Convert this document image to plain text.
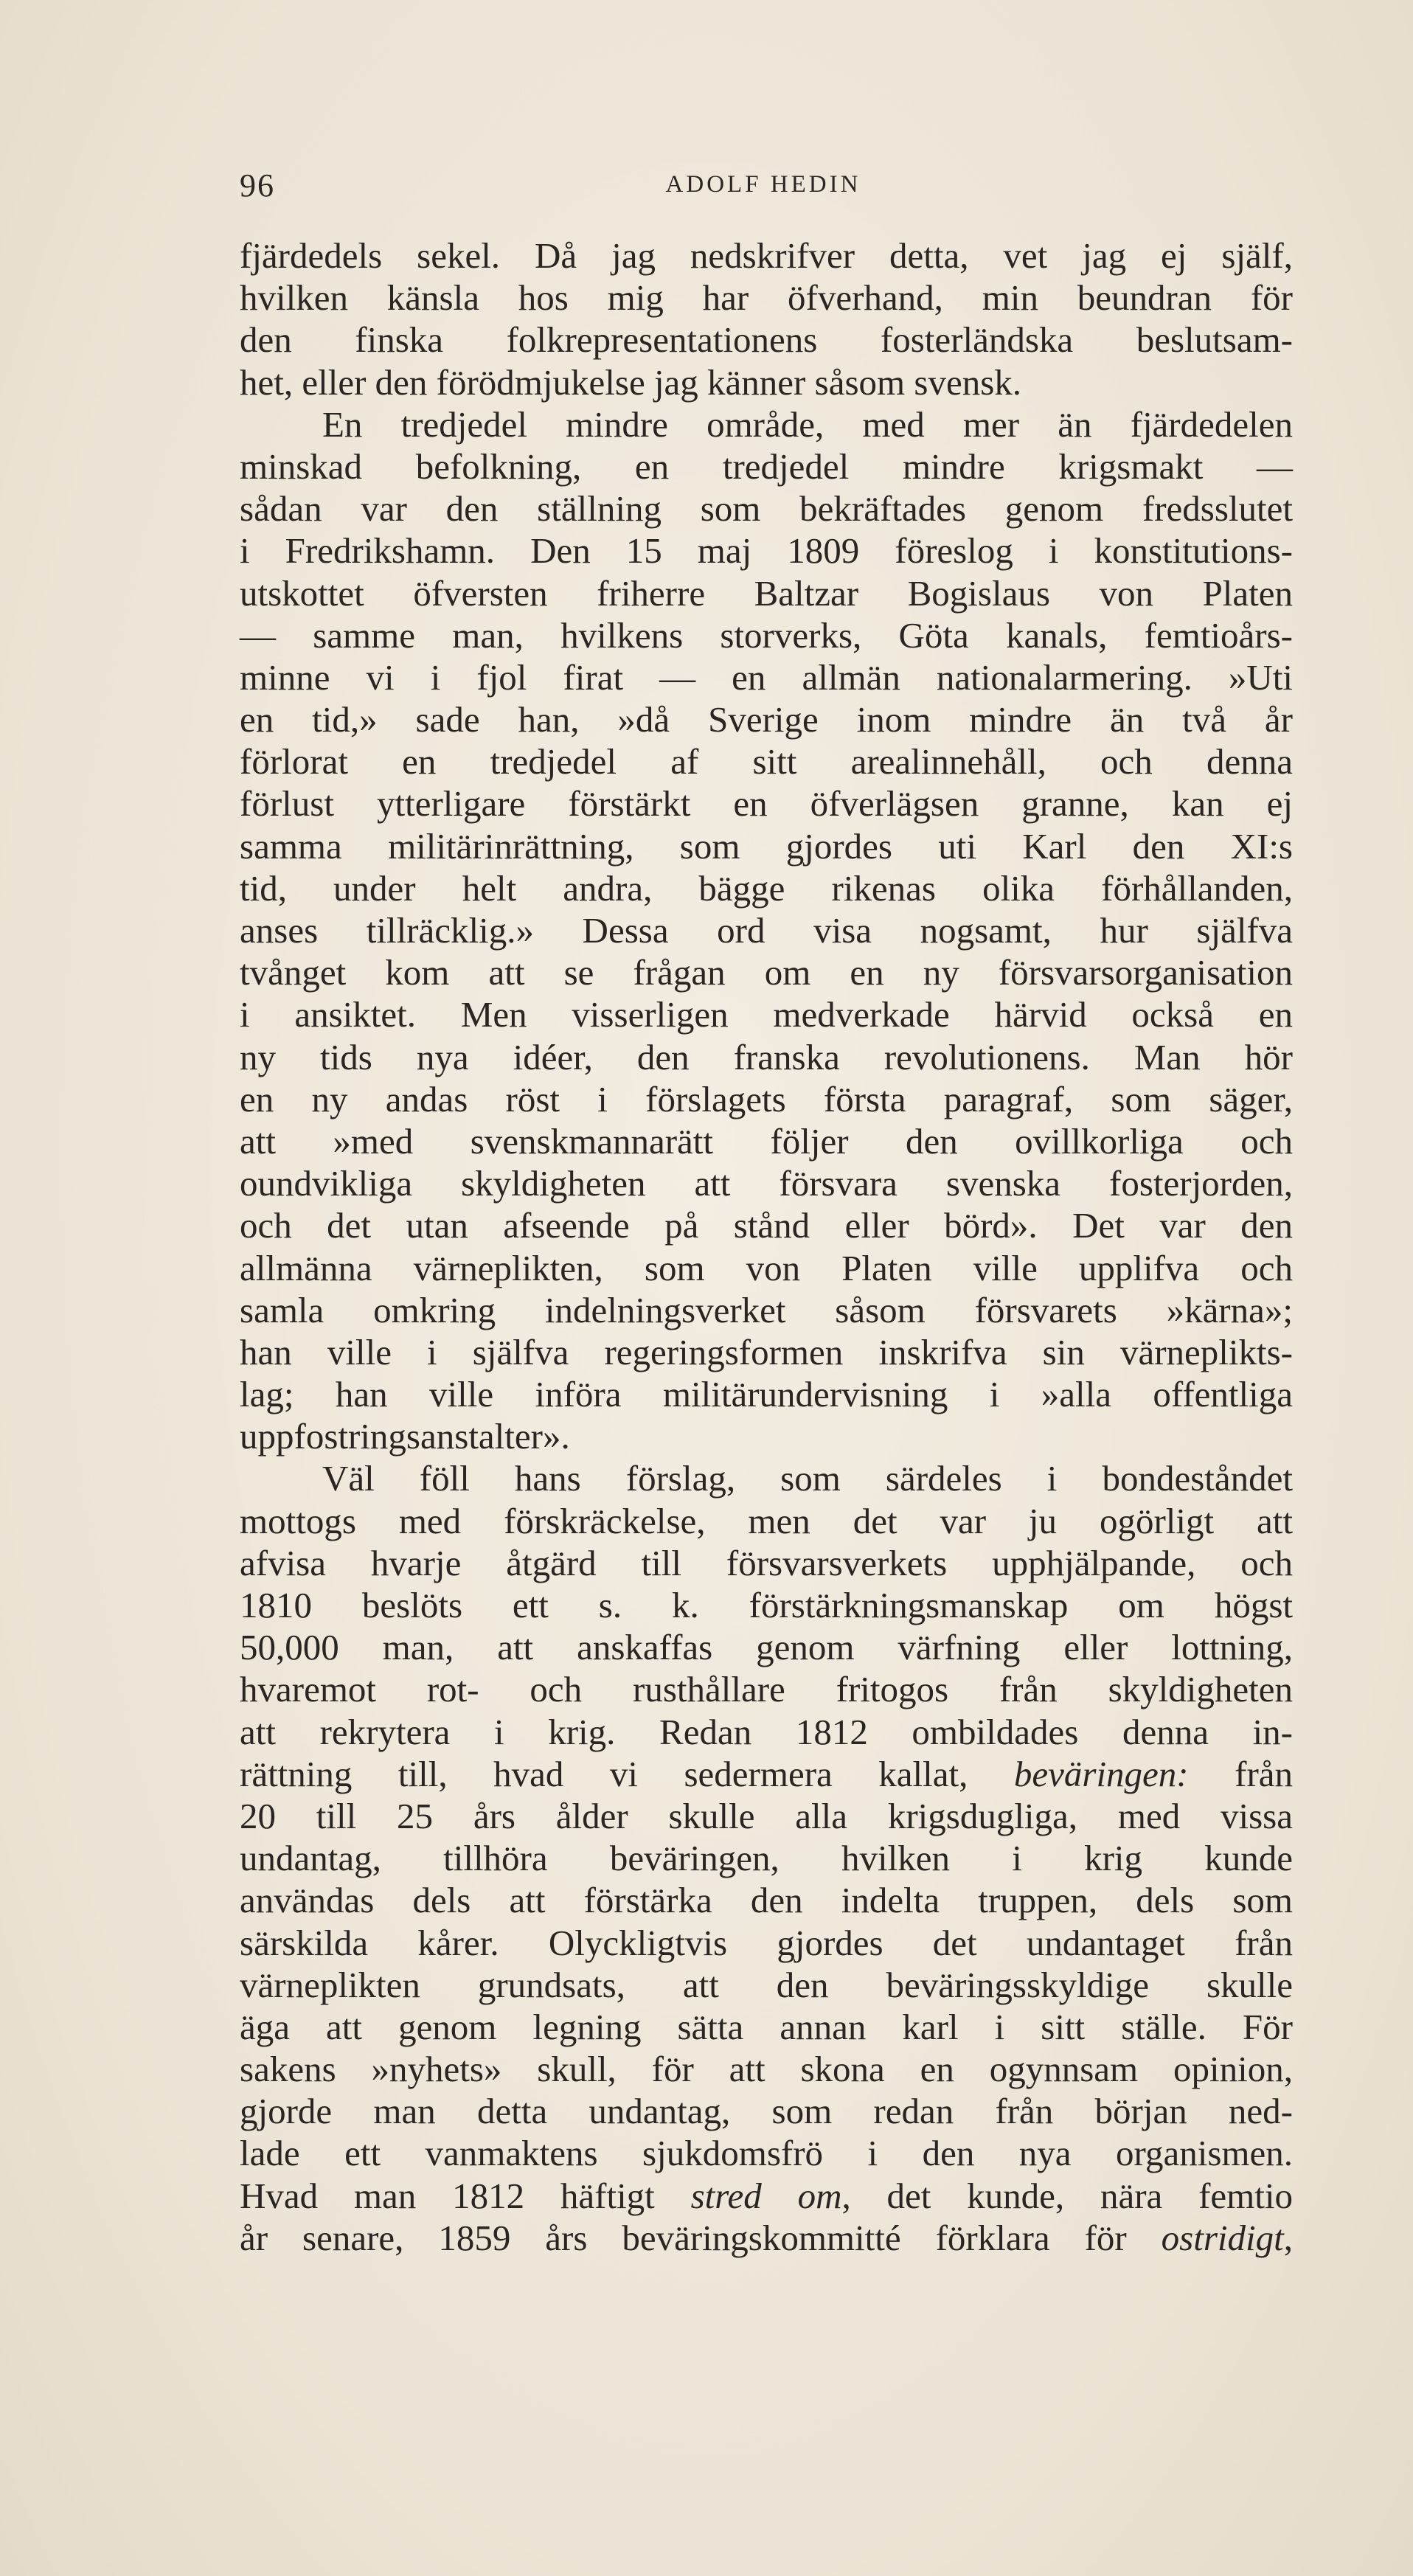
96	ADOLF HEDIN
fjärdedels sekel. Då jag nedskrifver detta, vet jag ej själf,
hvilken känsla hos mig har öfverhand, min beundran för
den finska folkrepresentationens fosterländska beslutsam-
het, eller den förödmjukelse jag känner såsom svensk.
En tredjedel mindre område, med mer än fjärdedelen
minskad befolkning, en tredjedel mindre krigsmakt —
sådan var den ställning som bekräftades genom fredsslutet
i Fredrikshamn. Den 15 maj 1809 föreslog i konstitutions-
utskottet öfversten friherre Baltzar Bogislaus von Platen
— samme man, hvilkens storverks, Göta kanals, femtioårs-
minne vi i fjol firat — en allmän nationalarmering. »Uti
en tid,» sade han, »då Sverige inom mindre än två år
förlorat en tredjedel af sitt arealinnehåll, och denna
förlust ytterligare förstärkt en öfverlägsen granne, kan ej
samma militärinrättning, som gjordes uti Karl den XI:s
tid, under helt andra, bägge rikenas olika förhållanden,
anses tillräcklig.» Dessa ord visa nogsamt, hur själfva
tvånget kom att se frågan om en ny försvarsorganisation
i ansiktet. Men visserligen medverkade härvid också en
ny tids nya idéer, den franska revolutionens. Man hör
en ny andas röst i förslagets första paragraf, som säger,
att »med svenskmannarätt följer den ovillkorliga och
oundvikliga skyldigheten att försvara svenska fosterjorden,
och det utan afseende på stånd eller börd». Det var den
allmänna värneplikten, som von Platen ville upplifva och
samla omkring indelningsverket såsom försvarets »kärna»;
han ville i själfva regeringsformen inskrifva sin värneplikts-
lag; han ville införa militärundervisning i »alla offentliga
uppfostringsanstalter».
Väl föll hans förslag, som särdeles i bondeståndet
mottogs med förskräckelse, men det var ju ogörligt att
afvisa hvarje åtgärd till försvarsverkets upphjälpande, och
1810 beslöts ett s. k. förstärkningsmanskap om högst
50,000 man, att anskaffas genom värfning eller lottning,
hvaremot rot- och rusthållare fritogos från skyldigheten
att rekrytera i krig. Redan 1812 ombildades denna in-
rättning till, hvad vi sedermera kallat, beväringen: från
20 till 25 års ålder skulle alla krigsdugliga, med vissa
undantag, tillhöra beväringen, hvilken i krig kunde
användas dels att förstärka den indelta truppen, dels som
särskilda kårer. Olyckligtvis gjordes det undantaget från
värneplikten grundsats, att den beväringsskyldige skulle
äga att genom legning sätta annan karl i sitt ställe. För
sakens »nyhets» skull, för att skona en ogynnsam opinion,
gjorde man detta undantag, som redan från början ned-
lade ett vanmaktens sjukdomsfrö i den nya organismen.
Hvad man 1812 häftigt stred om, det kunde, nära femtio
år senare, 1859 års beväringskommitté förklara för ostridigt,
